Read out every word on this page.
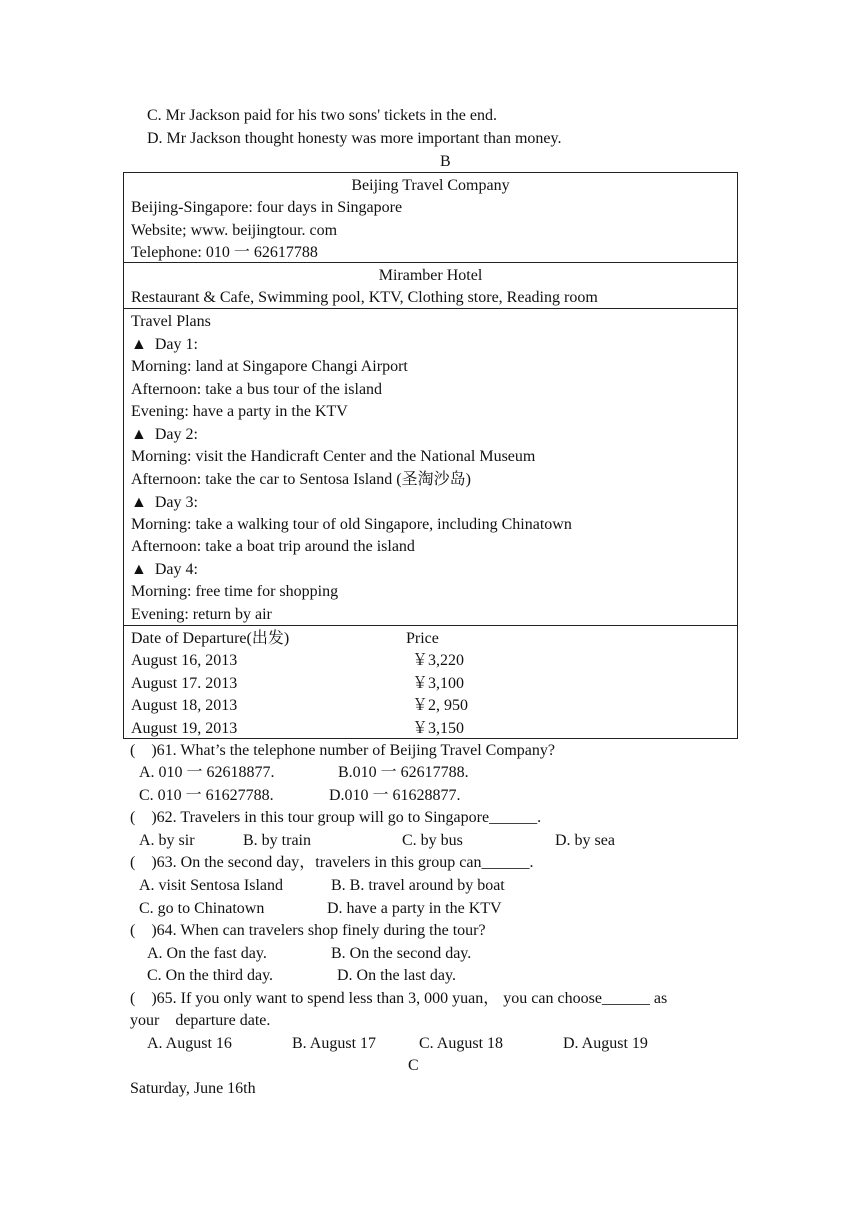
C. Mr Jackson paid for his two sons' tickets in the end.
D. Mr Jackson thought honesty was more important than money.
B
Beijing Travel Company
Beijing-Singapore: four days in Singapore
Website; www. beijingtour. com
Telephone: 010 一 62617788
Miramber Hotel
Restaurant & Cafe, Swimming pool, KTV, Clothing store, Reading room
Travel Plans
▲  Day 1:
Morning: land at Singapore Changi Airport
Afternoon: take a bus tour of the island
Evening: have a party in the KTV
▲  Day 2:
Morning: visit the Handicraft Center and the National Museum
Afternoon: take the car to Sentosa Island (圣淘沙岛)
▲  Day 3:
Morning: take a walking tour of old Singapore, including Chinatown
Afternoon: take a boat trip around the island
▲  Day 4:
Morning: free time for shopping
Evening: return by air
Date of Departure(出发)	Price
August 16, 2013	￥3,220
August 17. 2013	￥3,100
August 18, 2013	￥2, 950
August 19, 2013	￥3,150
(    )61. What’s the telephone number of Beijing Travel Company?
A. 010 一 62618877.	B.010 一 62617788.
C. 010 一 61627788.	D.010 一 61628877.
(    )62. Travelers in this tour group will go to Singapore______.
A. by sir	B. by train	C. by bus	D. by sea
(    )63. On the second day，travelers in this group can______.
A. visit Sentosa Island	B. B. travel around by boat
C. go to Chinatown	D. have a party in the KTV
(    )64. When can travelers shop finely during the tour?
A. On the fast day.	B. On the second day.
C. On the third day.	D. On the last day.
(    )65. If you only want to spend less than 3, 000 yuan， you can choose______ as
your    departure date.
A. August 16	B. August 17	C. August 18	D. August 19
C
Saturday, June 16th
